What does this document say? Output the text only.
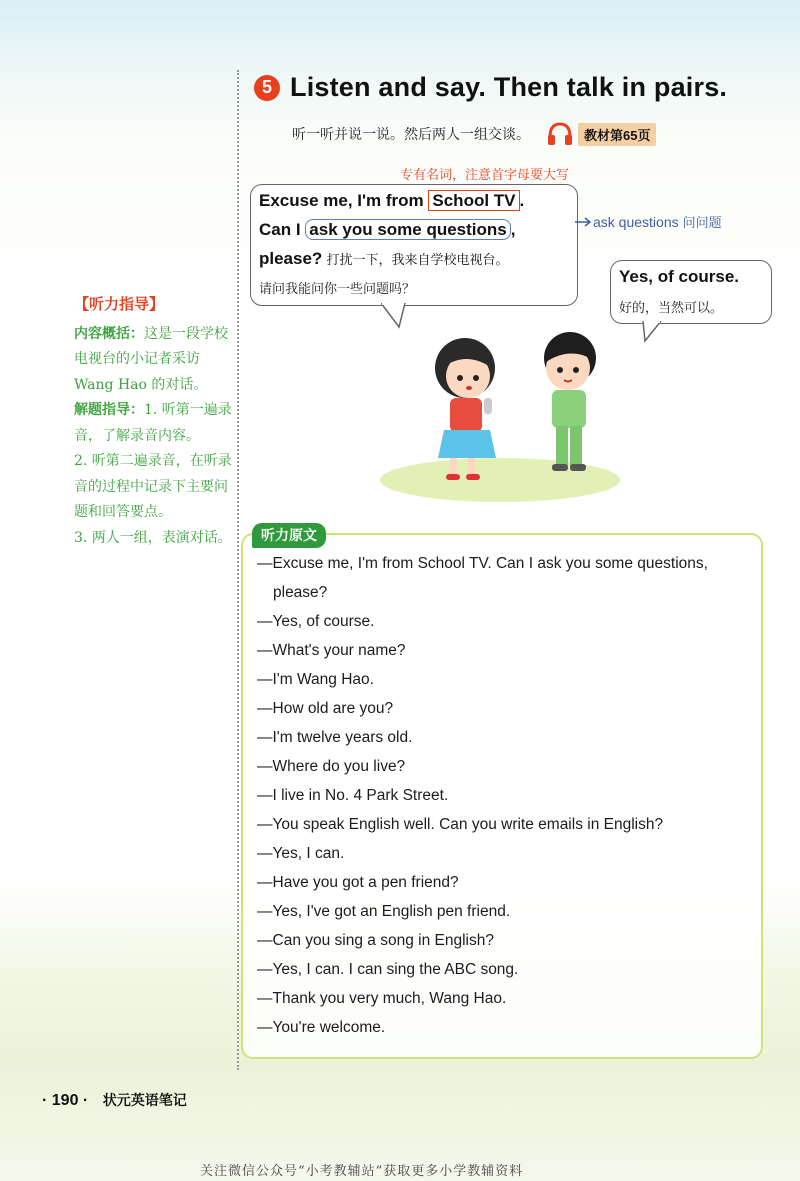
5 Listen and say. Then talk in pairs.
听一听并说一说。然后两人一组交谈。	教材第65页
专有名词，注意首字母要大写
Excuse me, I'm from School TV .
Can I ask you some questions ,
please? 打扰一下，我来自学校电视台。
请问我能问你一些问题吗？
ask questions 问问题
Yes, of course.
好的，当然可以。
【听力指导】
内容概括：这是一段学校电视台的小记者采访 Wang Hao 的对话。
解题指导：1. 听第一遍录音，了解录音内容。
2. 听第二遍录音，在听录音的过程中记录下主要问题和回答要点。
3. 两人一组，表演对话。	听力原文
—Excuse me, I'm from School TV. Can I ask you some questions,
please?
—Yes, of course.
—What's your name?
—I'm Wang Hao.
—How old are you?
—I'm twelve years old.
—Where do you live?
—I live in No. 4 Park Street.
—You speak English well. Can you write emails in English?
—Yes, I can.
—Have you got a pen friend?
—Yes, I've got an English pen friend.
—Can you sing a song in English?
—Yes, I can. I can sing the ABC song.
—Thank you very much, Wang Hao.
—You're welcome.
· 190 · 状元英语笔记
关注微信公众号“小考教辅站”获取更多小学教辅资料
